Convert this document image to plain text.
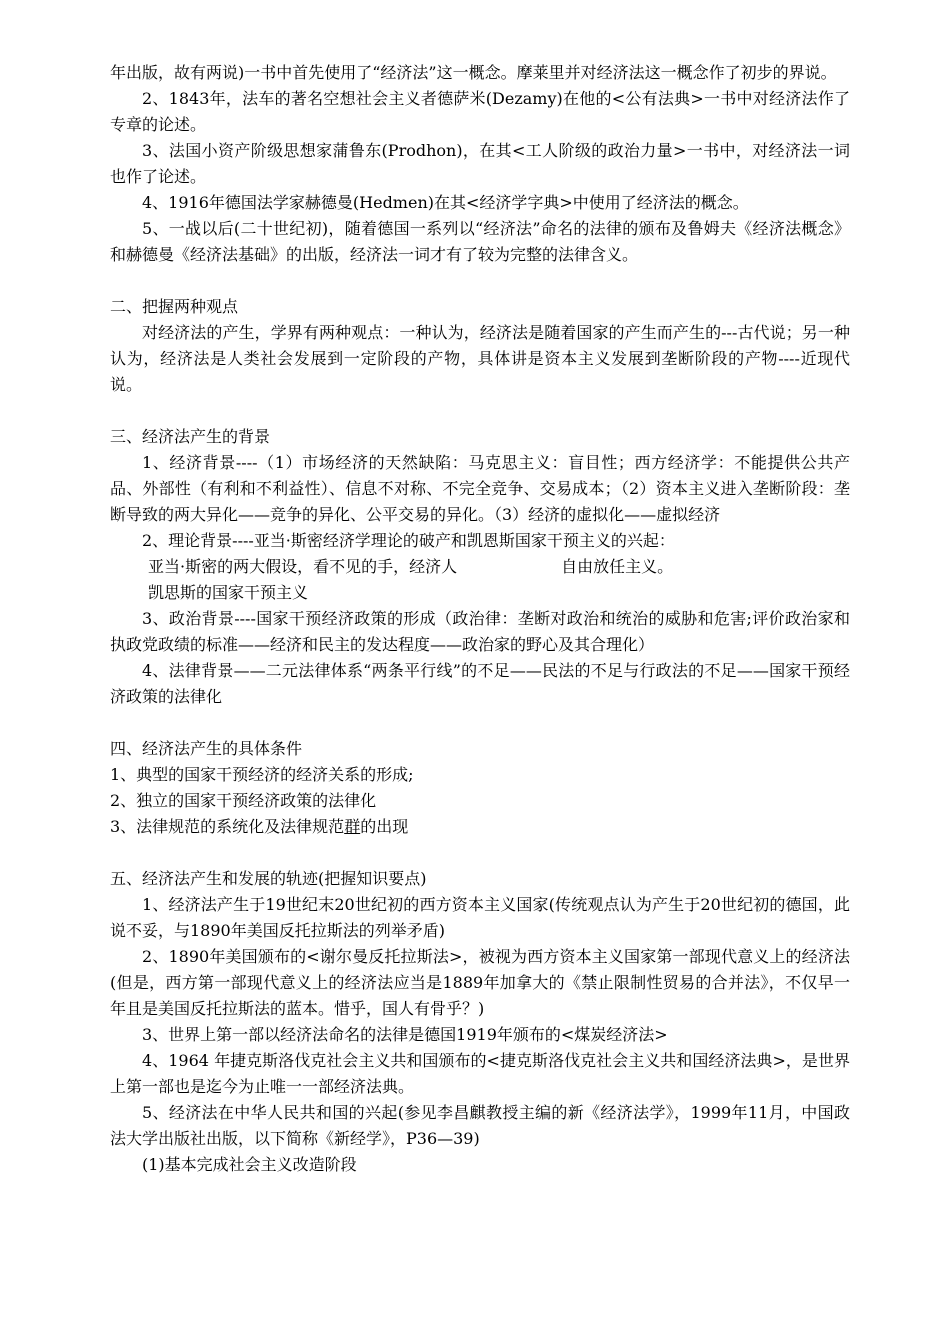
年出版，故有两说)一书中首先使用了“经济法”这一概念。摩莱里并对经济法这一概念作了初步的界说。

2、1843年，法车的著名空想社会主义者德萨米(Dezamy)在他的<公有法典>一书中对经济法作了专章的论述。

3、法国小资产阶级思想家蒲鲁东(Prodhon)，在其<工人阶级的政治力量>一书中，对经济法一词也作了论述。

4、1916年德国法学家赫德曼(Hedmen)在其<经济学字典>中使用了经济法的概念。

5、一战以后(二十世纪初)，随着德国一系列以“经济法”命名的法律的颁布及鲁姆夫《经济法概念》和赫德曼《经济法基础》的出版，经济法一词才有了较为完整的法律含义。

二、把握两种观点

对经济法的产生，学界有两种观点：一种认为，经济法是随着国家的产生而产生的---古代说；另一种认为，经济法是人类社会发展到一定阶段的产物，具体讲是资本主义发展到垄断阶段的产物----近现代说。

三、经济法产生的背景

1、经济背景----（1）市场经济的天然缺陷：马克思主义：盲目性；西方经济学：不能提供公共产品、外部性（有利和不利益性）、信息不对称、不完全竞争、交易成本；（2）资本主义进入垄断阶段：垄断导致的两大异化——竞争的异化、公平交易的异化。（3）经济的虚拟化——虚拟经济

2、理论背景----亚当·斯密经济学理论的破产和凯恩斯国家干预主义的兴起：

亚当·斯密的两大假设，看不见的手，经济人	自由放任主义。

凯思斯的国家干预主义

3、政治背景----国家干预经济政策的形成（政治律：垄断对政治和统治的威胁和危害;评价政治家和执政党政绩的标准——经济和民主的发达程度——政治家的野心及其合理化）

4、法律背景——二元法律体系“两条平行线”的不足——民法的不足与行政法的不足——国家干预经济政策的法律化

四、经济法产生的具体条件

1、典型的国家干预经济的经济关系的形成;

2、独立的国家干预经济政策的法律化

3、法律规范的系统化及法律规范群的出现

五、经济法产生和发展的轨迹(把握知识要点)

1、经济法产生于19世纪末20世纪初的西方资本主义国家(传统观点认为产生于20世纪初的德国，此说不妥，与1890年美国反托拉斯法的列举矛盾)

2、1890年美国颁布的<谢尔曼反托拉斯法>，被视为西方资本主义国家第一部现代意义上的经济法(但是，西方第一部现代意义上的经济法应当是1889年加拿大的《禁止限制性贸易的合并法》，不仅早一年且是美国反托拉斯法的蓝本。惜乎，国人有骨乎？)

3、世界上第一部以经济法命名的法律是德国1919年颁布的<煤炭经济法>

4、1964 年捷克斯洛伐克社会主义共和国颁布的<捷克斯洛伐克社会主义共和国经济法典>，是世界上第一部也是迄今为止唯一一部经济法典。

5、经济法在中华人民共和国的兴起(参见李昌麒教授主编的新《经济法学》，1999年11月，中国政法大学出版社出版，以下简称《新经学》，P36—39)

(1)基本完成社会主义改造阶段
